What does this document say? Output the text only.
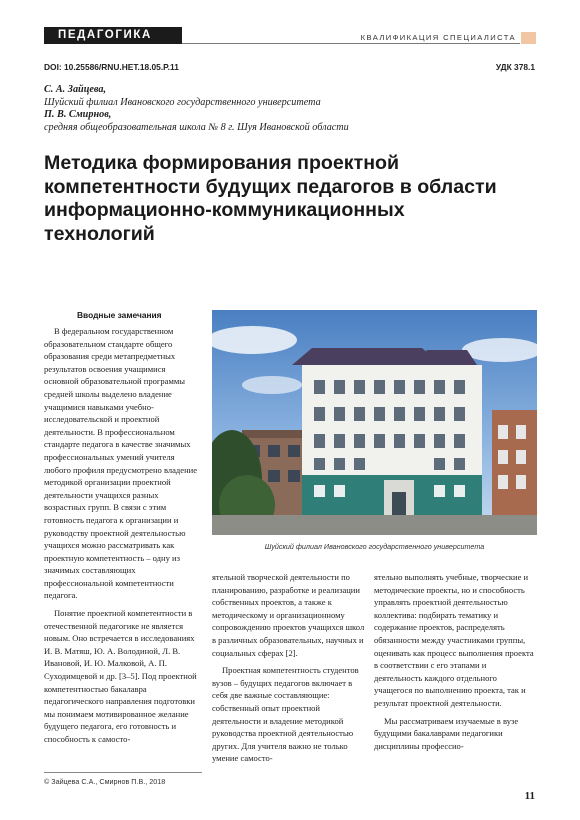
ПЕДАГОГИКА	КВАЛИФИКАЦИЯ СПЕЦИАЛИСТА
DOI: 10.25586/RNU.HET.18.05.P.11	УДК 378.1
С. А. Зайцева,
Шуйский филиал Ивановского государственного университета
П. В. Смирнов,
средняя общеобразовательная школа № 8 г. Шуя Ивановской области
Методика формирования проектной компетентности будущих педагогов в области информационно-коммуникационных технологий
Вводные замечания

В федеральном государственном образовательном стандарте общего образования среди метапредметных результатов освоения учащимися основной образовательной программы средней школы выделено владение учащимися навыками учебно-исследовательской и проектной деятельности. В профессиональном стандарте педагога в качестве значимых профессиональных умений учителя любого профиля предусмотрено владение методикой организации проектной деятельности учащихся разных возрастных групп. В связи с этим готовность педагога к организации и руководству проектной деятельностью учащихся можно рассматривать как проектную компетентность – одну из значимых составляющих профессиональной компетентности педагога.

Понятие проектной компетентности в отечественной педагогике не является новым. Оно встречается в исследованиях И. В. Матяш, Ю. А. Володиной, Л. В. Ивановой, И. Ю. Малковой, А. П. Суходимцевой и др. [3–5]. Под проектной компетентностью бакалавра педагогического направления подготовки мы понимаем мотивированное желание будущего педагога, его готовность и способность к самосто-

Шуйский филиал Ивановского государственного университета

ятельной творческой деятельности по планированию, разработке и реализации собственных проектов, а также к методическому и организационному сопровождению проектов учащихся школ в различных образовательных, научных и социальных сферах [2].

Проектная компетентность студентов вузов – будущих педагогов включает в себя две важные составляющие: собственный опыт проектной деятельности и владение методикой руководства проектной деятельностью других. Для учителя важно не только умение самосто-

ятельно выполнять учебные, творческие и методические проекты, но и способность управлять проектной деятельностью коллектива: подбирать тематику и содержание проектов, распределять обязанности между участниками группы, оценивать как процесс выполнения проекта в соответствии с его этапами и деятельность каждого отдельного учащегося по выполнению проекта, так и результат проектной деятельности.

Мы рассматриваем изучаемые в вузе будущими бакалаврами педагогики дисциплины профессио-

© Зайцева С.А., Смирнов П.В., 2018
11
